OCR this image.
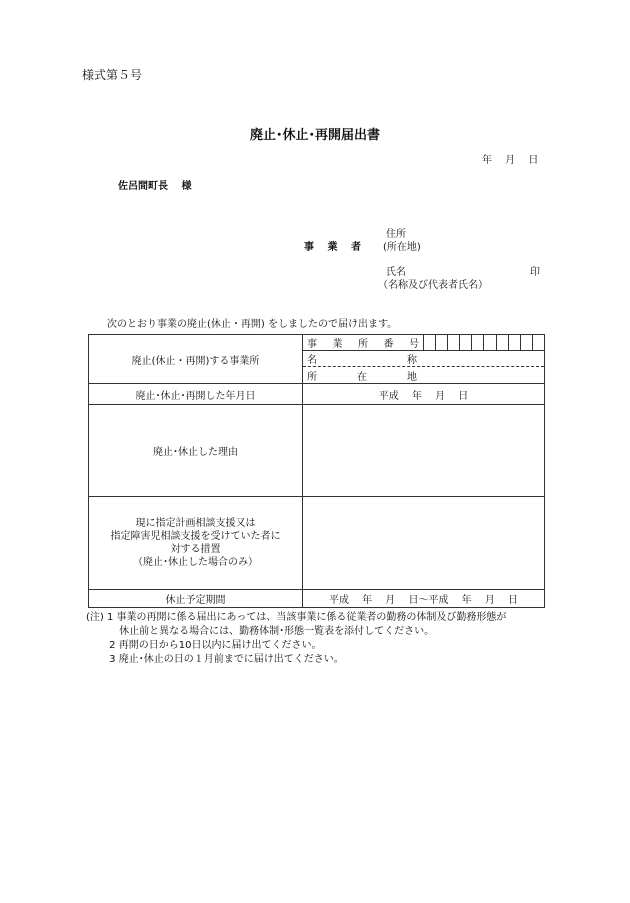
様式第５号
廃止･休止･再開届出書
年　 月　 日
佐呂間町長　 様
住所
事　 業　 者 (所在地)
氏名	印
（名称及び代表者氏名）
次のとおり事業の廃止(休止・再開) をしましたので届け出ます。
廃止(休止・再開)する事業所	事 業 所 番 号

	名 称

	所 在 地

廃止･休止･再開した年月日	平成　 年　 月　 日
廃止･休止した理由	

現に指定計画相談支援又は
指定障害児相談支援を受けていた者に
対する措置
（廃止･休止した場合のみ）	

休止予定期間	平成　 年　 月　 日～平成　 年　 月　 日
(注) 1 事業の再開に係る届出にあっては、当該事業に係る従業者の勤務の体制及び勤務形態が
　　　 休止前と異なる場合には、勤務体制･形態一覧表を添付してください。
　　 2 再開の日から10日以内に届け出てください。
　　 3 廃止･休止の日の１月前までに届け出てください。
